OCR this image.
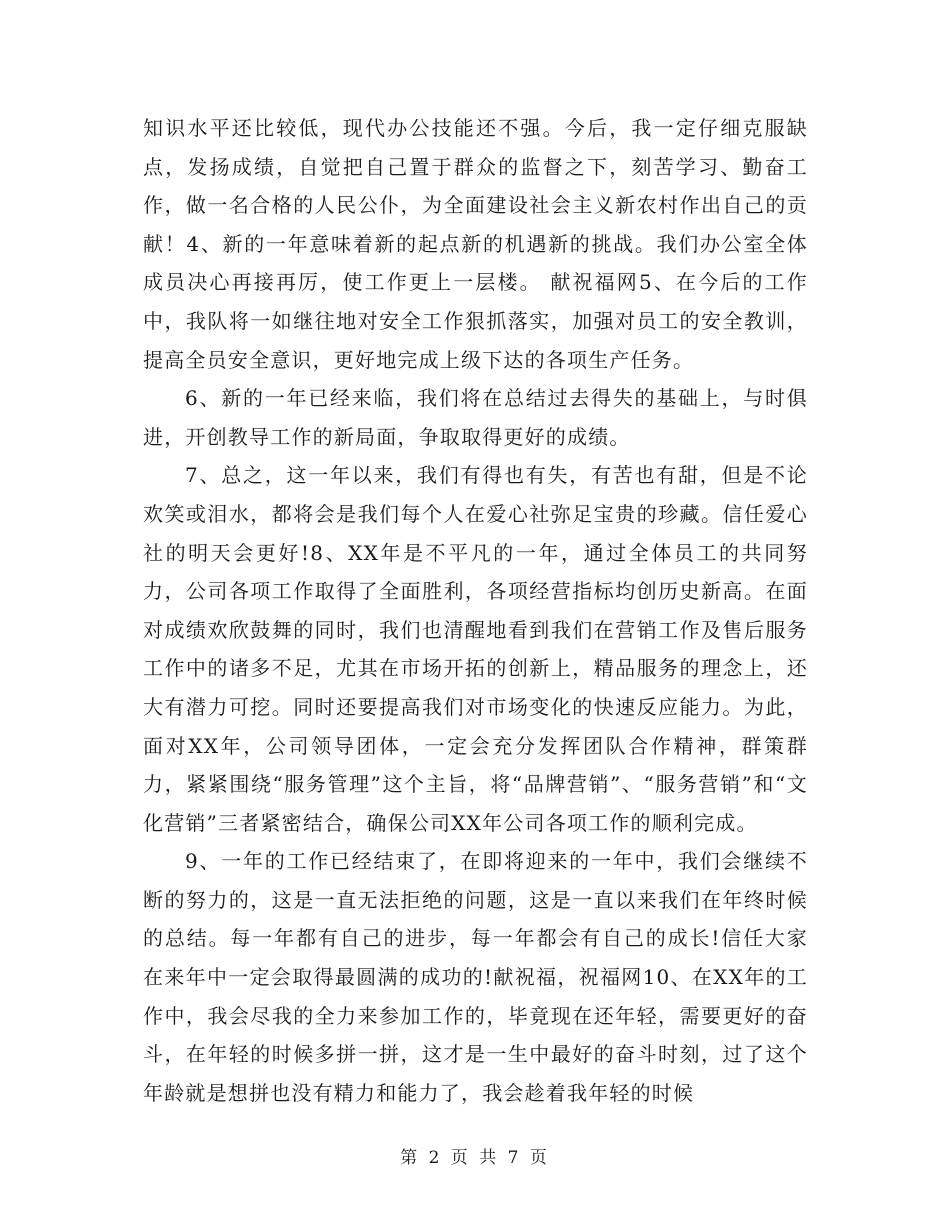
知识水平还比较低，现代办公技能还不强。今后，我一定仔细克服缺点，发扬成绩，自觉把自己置于群众的监督之下，刻苦学习、勤奋工作，做一名合格的人民公仆，为全面建设社会主义新农村作出自己的贡献！4、新的一年意味着新的起点新的机遇新的挑战。我们办公室全体成员决心再接再厉，使工作更上一层楼。 献祝福网5、在今后的工作中，我队将一如继往地对安全工作狠抓落实，加强对员工的安全教训，提高全员安全意识，更好地完成上级下达的各项生产任务。

6、新的一年已经来临，我们将在总结过去得失的基础上，与时俱进，开创教导工作的新局面，争取取得更好的成绩。

7、总之，这一年以来，我们有得也有失，有苦也有甜，但是不论欢笑或泪水，都将会是我们每个人在爱心社弥足宝贵的珍藏。信任爱心社的明天会更好!8、XX年是不平凡的一年，通过全体员工的共同努力，公司各项工作取得了全面胜利，各项经营指标均创历史新高。在面对成绩欢欣鼓舞的同时，我们也清醒地看到我们在营销工作及售后服务工作中的诸多不足，尤其在市场开拓的创新上，精品服务的理念上，还大有潜力可挖。同时还要提高我们对市场变化的快速反应能力。为此，面对XX年，公司领导团体，一定会充分发挥团队合作精神，群策群力，紧紧围绕“服务管理”这个主旨，将“品牌营销”、“服务营销”和“文化营销”三者紧密结合，确保公司XX年公司各项工作的顺利完成。

9、一年的工作已经结束了，在即将迎来的一年中，我们会继续不断的努力的，这是一直无法拒绝的问题，这是一直以来我们在年终时候的总结。每一年都有自己的进步，每一年都会有自己的成长!信任大家在来年中一定会取得最圆满的成功的!献祝福，祝福网10、在XX年的工作中，我会尽我的全力来参加工作的，毕竟现在还年轻，需要更好的奋斗，在年轻的时候多拼一拼，这才是一生中最好的奋斗时刻，过了这个年龄就是想拼也没有精力和能力了，我会趁着我年轻的时候

第 2 页 共 7 页
